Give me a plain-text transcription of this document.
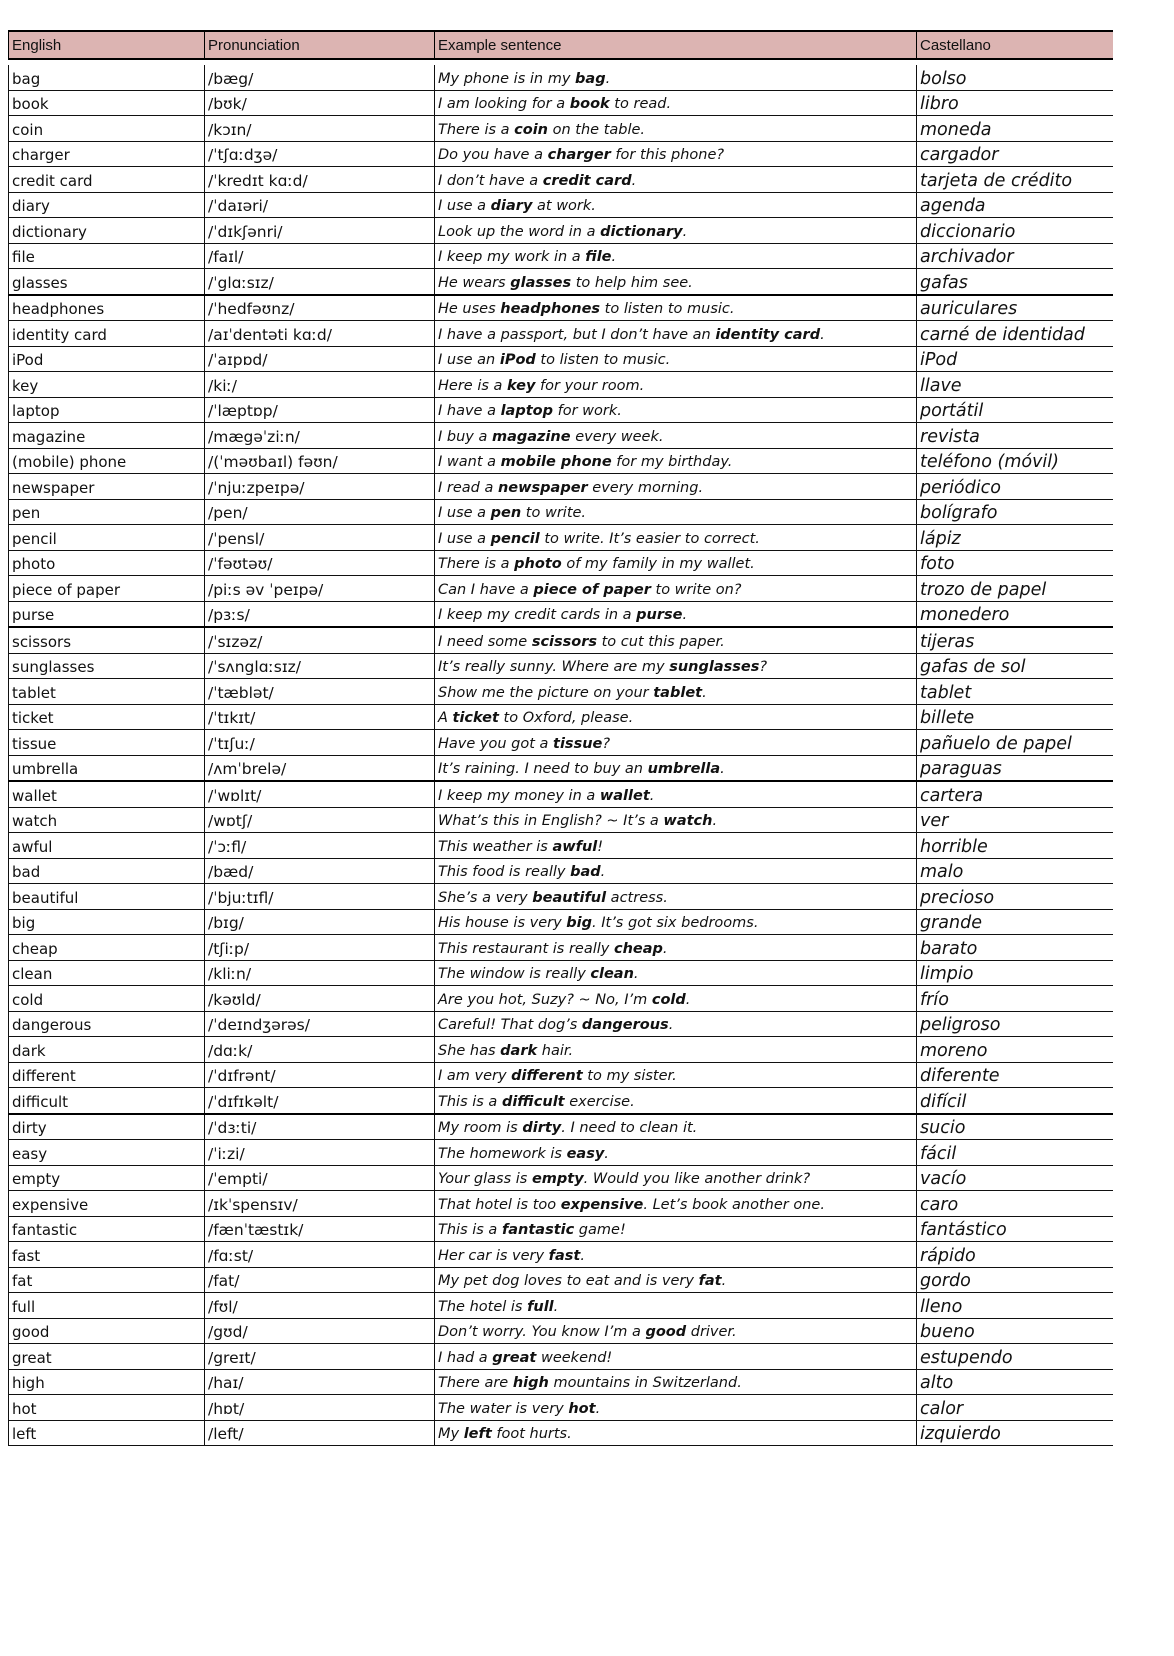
English	Pronunciation	Example sentence	Castellano

bag	/bæg/	My phone is in my bag.	bolso
book	/bʊk/	I am looking for a book to read.	libro
coin	/kɔɪn/	There is a coin on the table.	moneda
charger	/ˈtʃɑːdʒə/	Do you have a charger for this phone?	cargador
credit card	/ˈkredɪt kɑːd/	I don’t have a credit card.	tarjeta de crédito
diary	/ˈdaɪəri/	I use a diary at work.	agenda
dictionary	/ˈdɪkʃənri/	Look up the word in a dictionary.	diccionario
file	/faɪl/	I keep my work in a file.	archivador
glasses	/ˈglɑːsɪz/	He wears glasses to help him see.	gafas
headphones	/ˈhedfəʊnz/	He uses headphones to listen to music.	auriculares
identity card	/aɪˈdentəti kɑːd/	I have a passport, but I don’t have an identity card.	carné de identidad
iPod	/ˈaɪpɒd/	I use an iPod to listen to music.	iPod
key	/kiː/	Here is a key for your room.	llave
laptop	/ˈlæptɒp/	I have a laptop for work.	portátil
magazine	/mægəˈziːn/	I buy a magazine every week.	revista
(mobile) phone	/(ˈməʊbaɪl) fəʊn/	I want a mobile phone for my birthday.	teléfono (móvil)
newspaper	/ˈnjuːzpeɪpə/	I read a newspaper every morning.	periódico
pen	/pen/	I use a pen to write.	bolígrafo
pencil	/ˈpensl/	I use a pencil to write. It’s easier to correct.	lápiz
photo	/ˈfəʊtəʊ/	There is a photo of my family in my wallet.	foto
piece of paper	/piːs əv ˈpeɪpə/	Can I have a piece of paper to write on?	trozo de papel
purse	/pɜːs/	I keep my credit cards in a purse.	monedero
scissors	/ˈsɪzəz/	I need some scissors to cut this paper.	tijeras
sunglasses	/ˈsʌnglɑːsɪz/	It’s really sunny. Where are my sunglasses?	gafas de sol
tablet	/ˈtæblət/	Show me the picture on your tablet.	tablet
ticket	/ˈtɪkɪt/	A ticket to Oxford, please.	billete
tissue	/ˈtɪʃuː/	Have you got a tissue?	pañuelo de papel
umbrella	/ʌmˈbrelə/	It’s raining. I need to buy an umbrella.	paraguas
wallet	/ˈwɒlɪt/	I keep my money in a wallet.	cartera
watch	/wɒtʃ/	What’s this in English? ~ It’s a watch.	ver
awful	/ˈɔːfl/	This weather is awful!	horrible
bad	/bæd/	This food is really bad.	malo
beautiful	/ˈbjuːtɪfl/	She’s a very beautiful actress.	precioso
big	/bɪg/	His house is very big. It’s got six bedrooms.	grande
cheap	/tʃiːp/	This restaurant is really cheap.	barato
clean	/kliːn/	The window is really clean.	limpio
cold	/kəʊld/	Are you hot, Suzy? ~ No, I’m cold.	frío
dangerous	/ˈdeɪndʒərəs/	Careful! That dog’s dangerous.	peligroso
dark	/dɑːk/	She has dark hair.	moreno
different	/ˈdɪfrənt/	I am very different to my sister.	diferente
difficult	/ˈdɪfɪkəlt/	This is a difficult exercise.	difícil
dirty	/ˈdɜːti/	My room is dirty. I need to clean it.	sucio
easy	/ˈiːzi/	The homework is easy.	fácil
empty	/ˈempti/	Your glass is empty. Would you like another drink?	vacío
expensive	/ɪkˈspensɪv/	That hotel is too expensive. Let’s book another one.	caro
fantastic	/fænˈtæstɪk/	This is a fantastic game!	fantástico
fast	/fɑːst/	Her car is very fast.	rápido
fat	/fat/	My pet dog loves to eat and is very fat.	gordo
full	/fʊl/	The hotel is full.	lleno
good	/gʊd/	Don’t worry. You know I’m a good driver.	bueno
great	/greɪt/	I had a great weekend!	estupendo
high	/haɪ/	There are high mountains in Switzerland.	alto
hot	/hɒt/	The water is very hot.	calor
left	/left/	My left foot hurts.	izquierdo
